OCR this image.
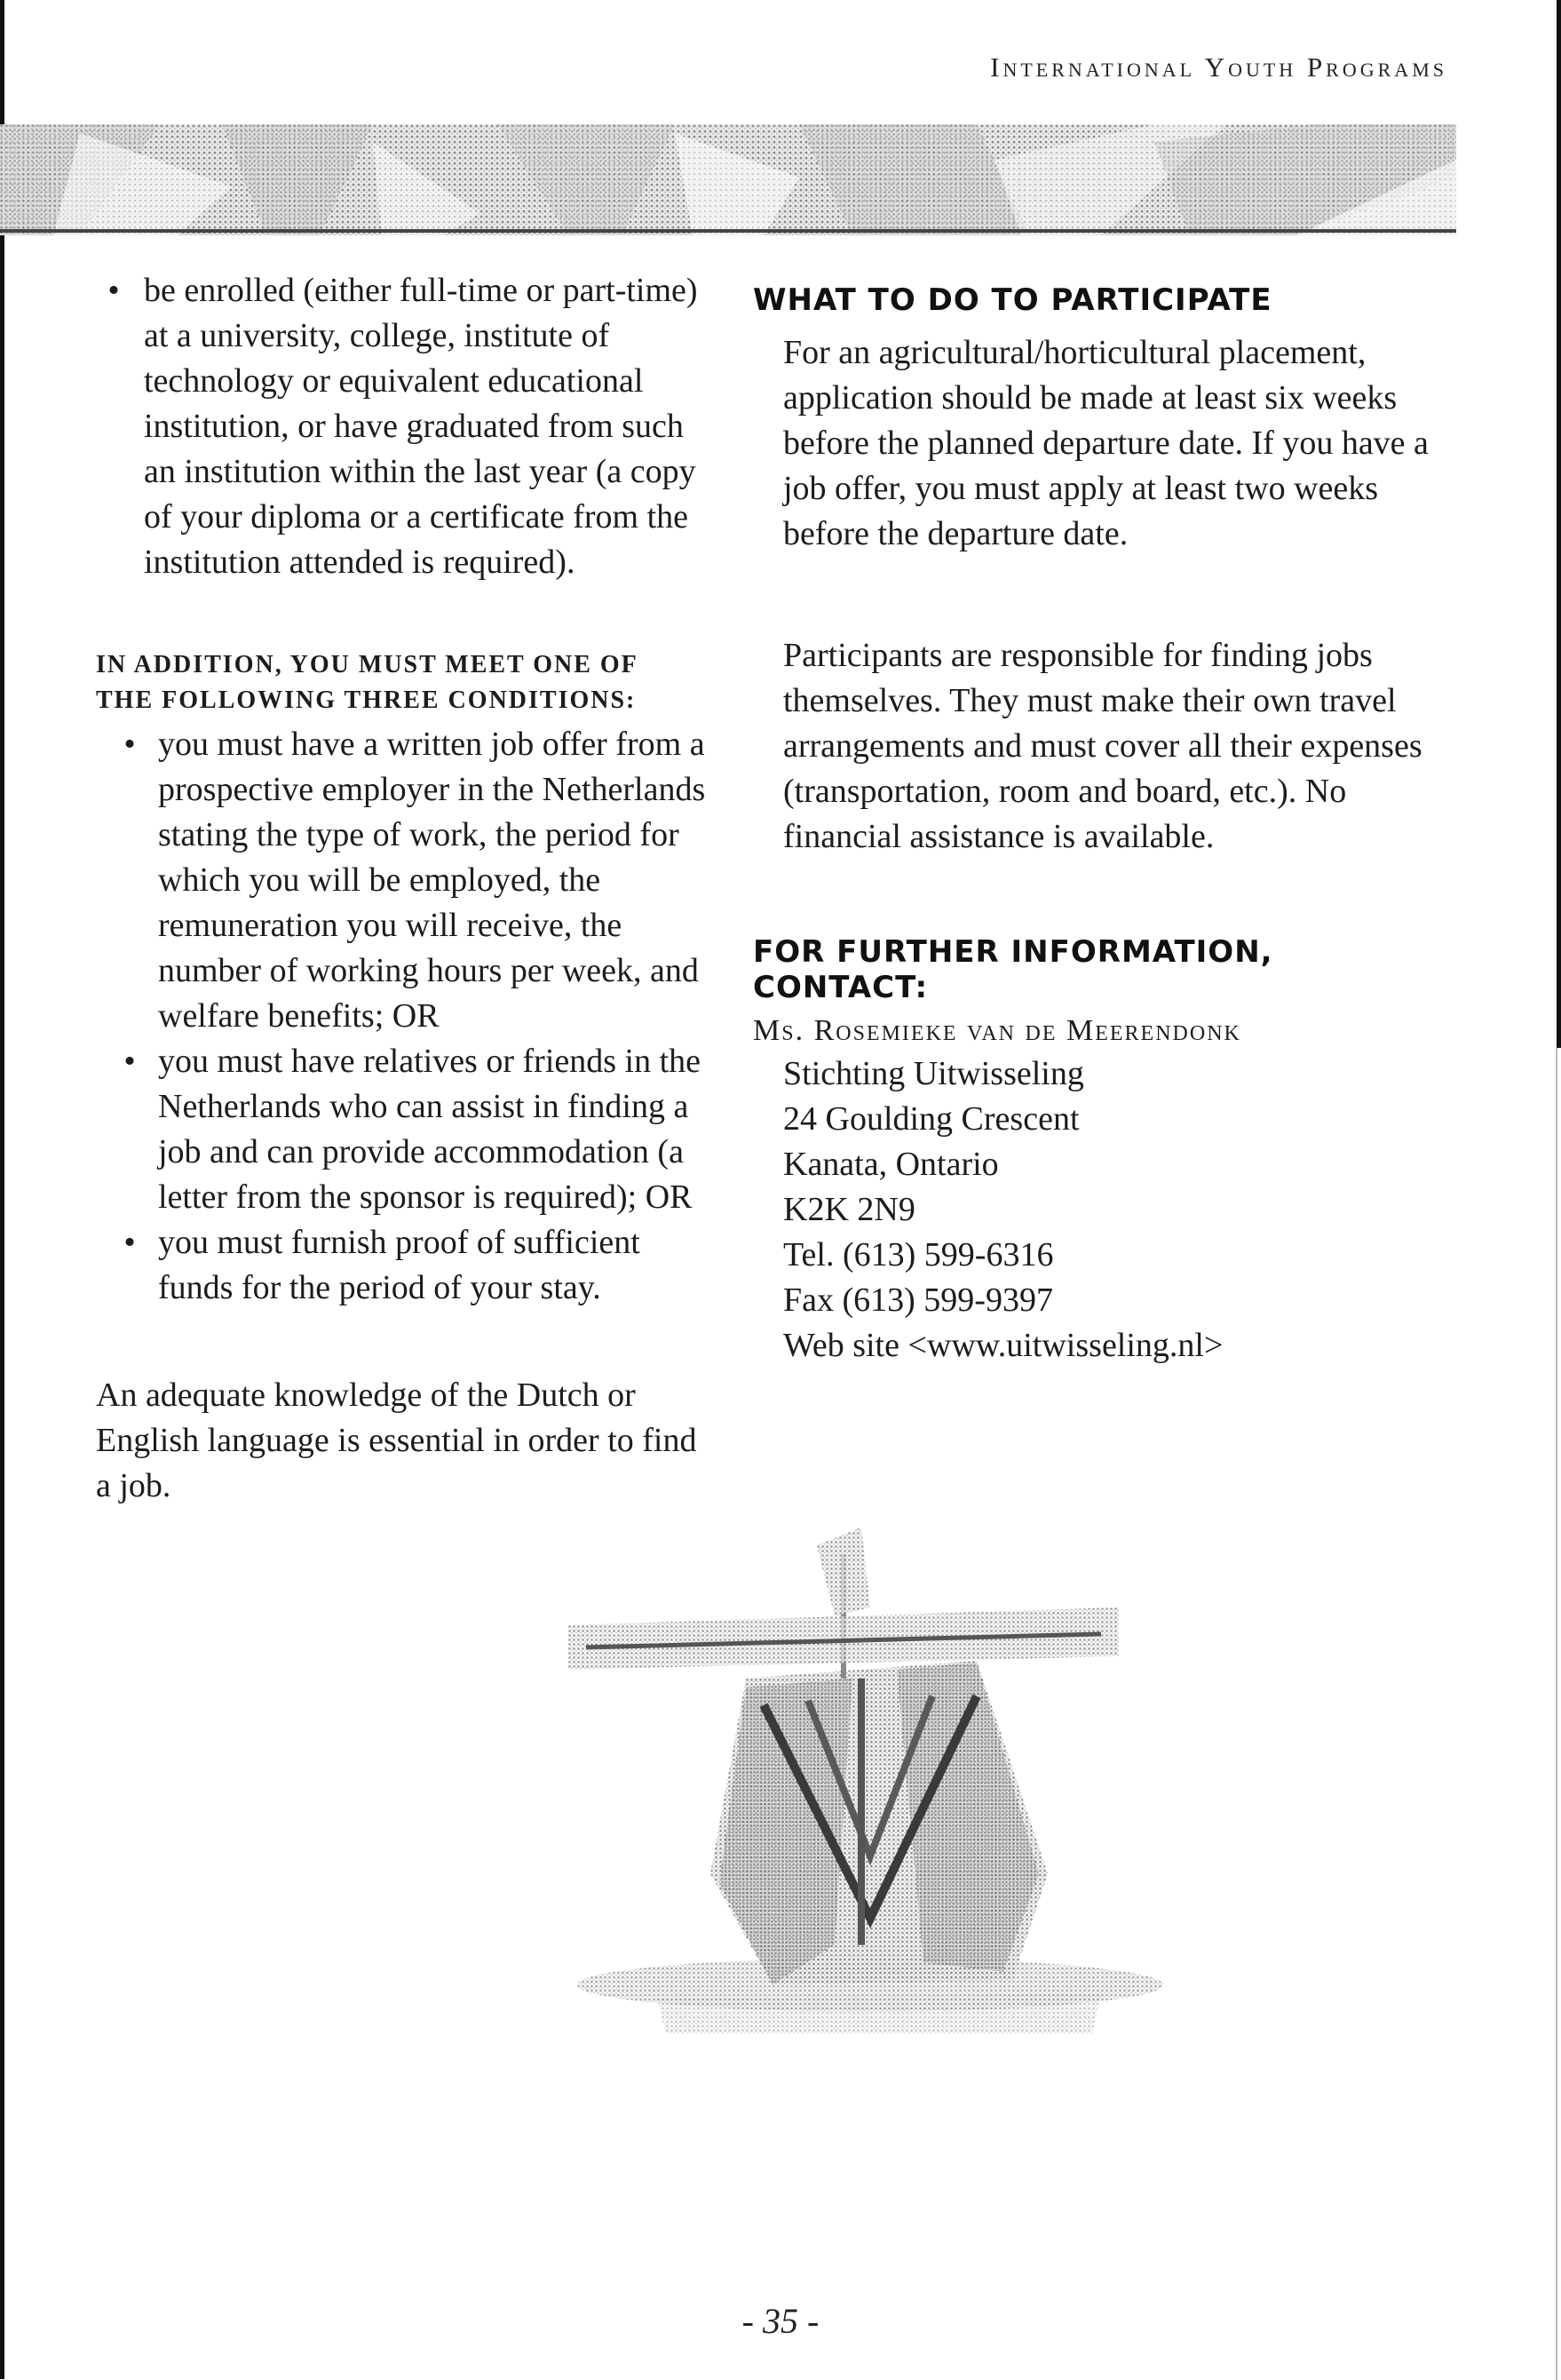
International Youth Programs

• be enrolled (either full-time or part-time) at a university, college, institute of technology or equivalent educational institution, or have graduated from such an institution within the last year (a copy of your diploma or a certificate from the institution attended is required).

IN ADDITION, YOU MUST MEET ONE OF

THE FOLLOWING THREE CONDITIONS:

• you must have a written job offer from a prospective employer in the Netherlands stating the type of work, the period for which you will be employed, the remuneration you will receive, the number of working hours per week, and welfare benefits; OR

• you must have relatives or friends in the Netherlands who can assist in finding a job and can provide accommodation (a letter from the sponsor is required); OR

• you must furnish proof of sufficient funds for the period of your stay.

An adequate knowledge of the Dutch or English language is essential in order to find a job.

WHAT TO DO TO PARTICIPATE

For an agricultural/horticultural placement, application should be made at least six weeks before the planned departure date. If you have a job offer, you must apply at least two weeks before the departure date.

Participants are responsible for finding jobs themselves. They must make their own travel arrangements and must cover all their expenses (transportation, room and board, etc.). No financial assistance is available.

FOR FURTHER INFORMATION, CONTACT:

Ms. Rosemieke van de Meerendonk

Stichting Uitwisseling

24 Goulding Crescent

Kanata, Ontario

K2K 2N9

Tel. (613) 599-6316

Fax (613) 599-9397

Web site <www.uitwisseling.nl>

- 35 -
